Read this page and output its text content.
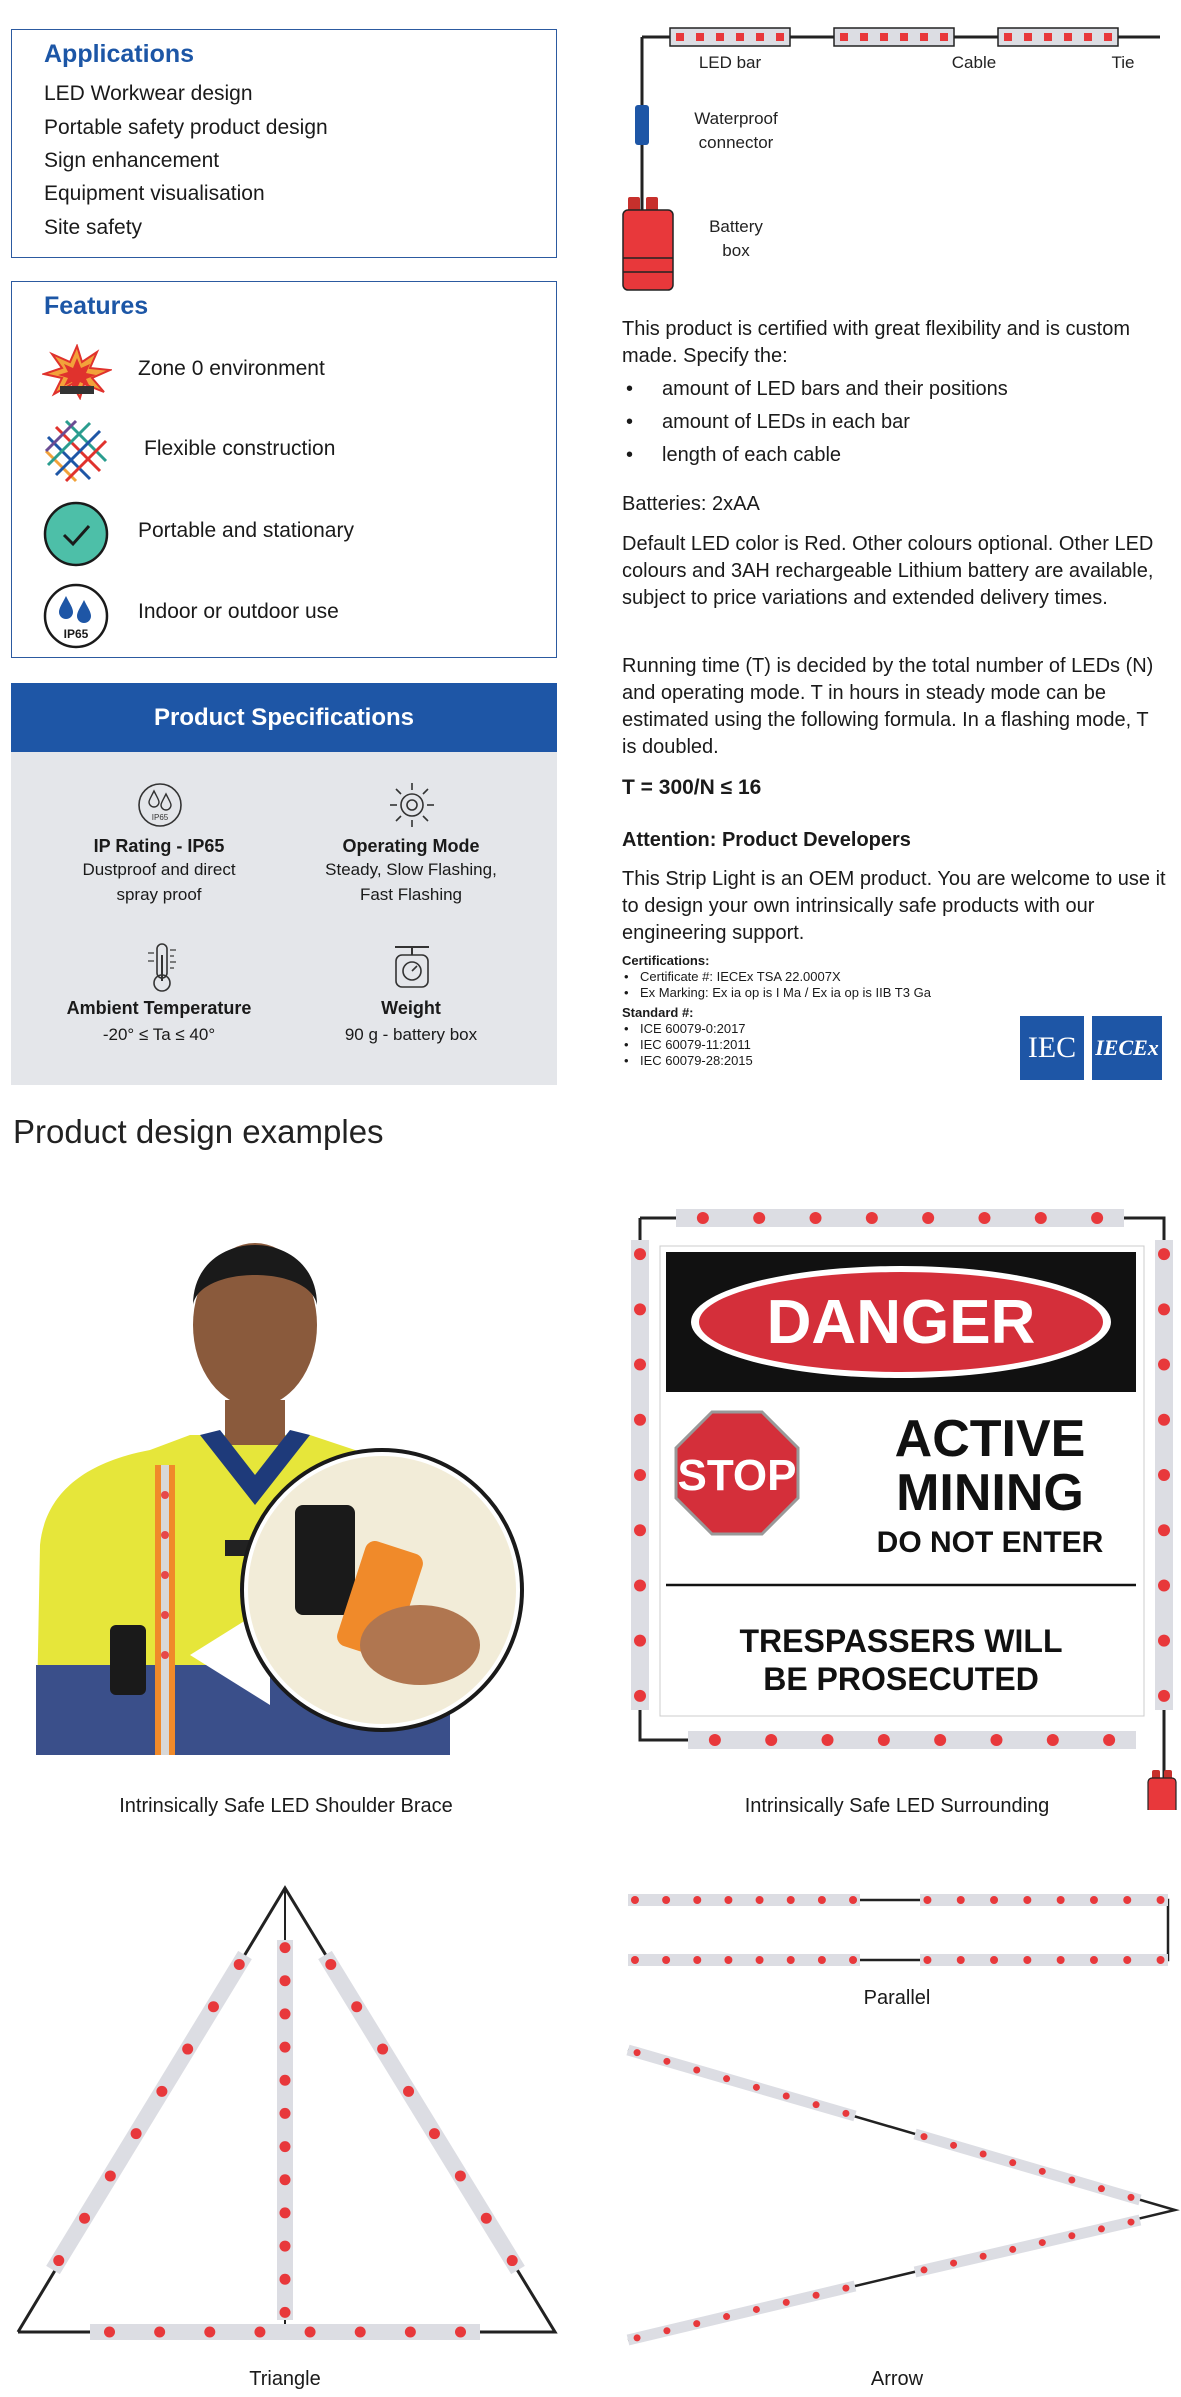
Applications
LED Workwear design
Portable safety product design
Sign enhancement
Equipment visualisation
Site safety
Features
Zone 0 environment
Flexible construction
Portable and stationary
IP65
Indoor or outdoor use
Product Specifications
IP65
IP Rating - IP65
Dustproof and direct
spray proof
Operating Mode
Steady, Slow Flashing,
Fast Flashing
Ambient Temperature
-20° ≤ Ta ≤ 40°
Weight
90 g - battery box
LED bar	Cable	Tie
Waterproof
connector
Battery
box
This product is certified with great flexibility and is custom made. Specify the:
• amount of LED bars and their positions
• amount of LEDs in each bar
• length of each cable
Batteries: 2xAA
Default LED color is Red. Other colours optional. Other LED colours and 3AH rechargeable Lithium battery are available, subject to price variations and extended delivery times.
Running time (T) is decided by the total number of LEDs (N) and operating mode. T in hours in steady mode can be estimated using the following formula. In a flashing mode, T is doubled.
T = 300/N ≤ 16
Attention: Product Developers
This Strip Light is an OEM product. You are welcome to use it to design your own intrinsically safe products with our engineering support.
Certifications:
• Certificate #: IECEx TSA 22.0007X
• Ex Marking: Ex ia op is I Ma / Ex ia op is IIB T3 Ga
Standard #:
• ICE 60079-0:2017
• IEC 60079-11:2011
• IEC 60079-28:2015	IEC IECEx
Product design examples
Intrinsically Safe LED Shoulder Brace
DANGER
STOP
ACTIVE
MINING
DO NOT ENTER
TRESPASSERS WILL
BE PROSECUTED
Intrinsically Safe LED Surrounding
Triangle
Parallel
Arrow
